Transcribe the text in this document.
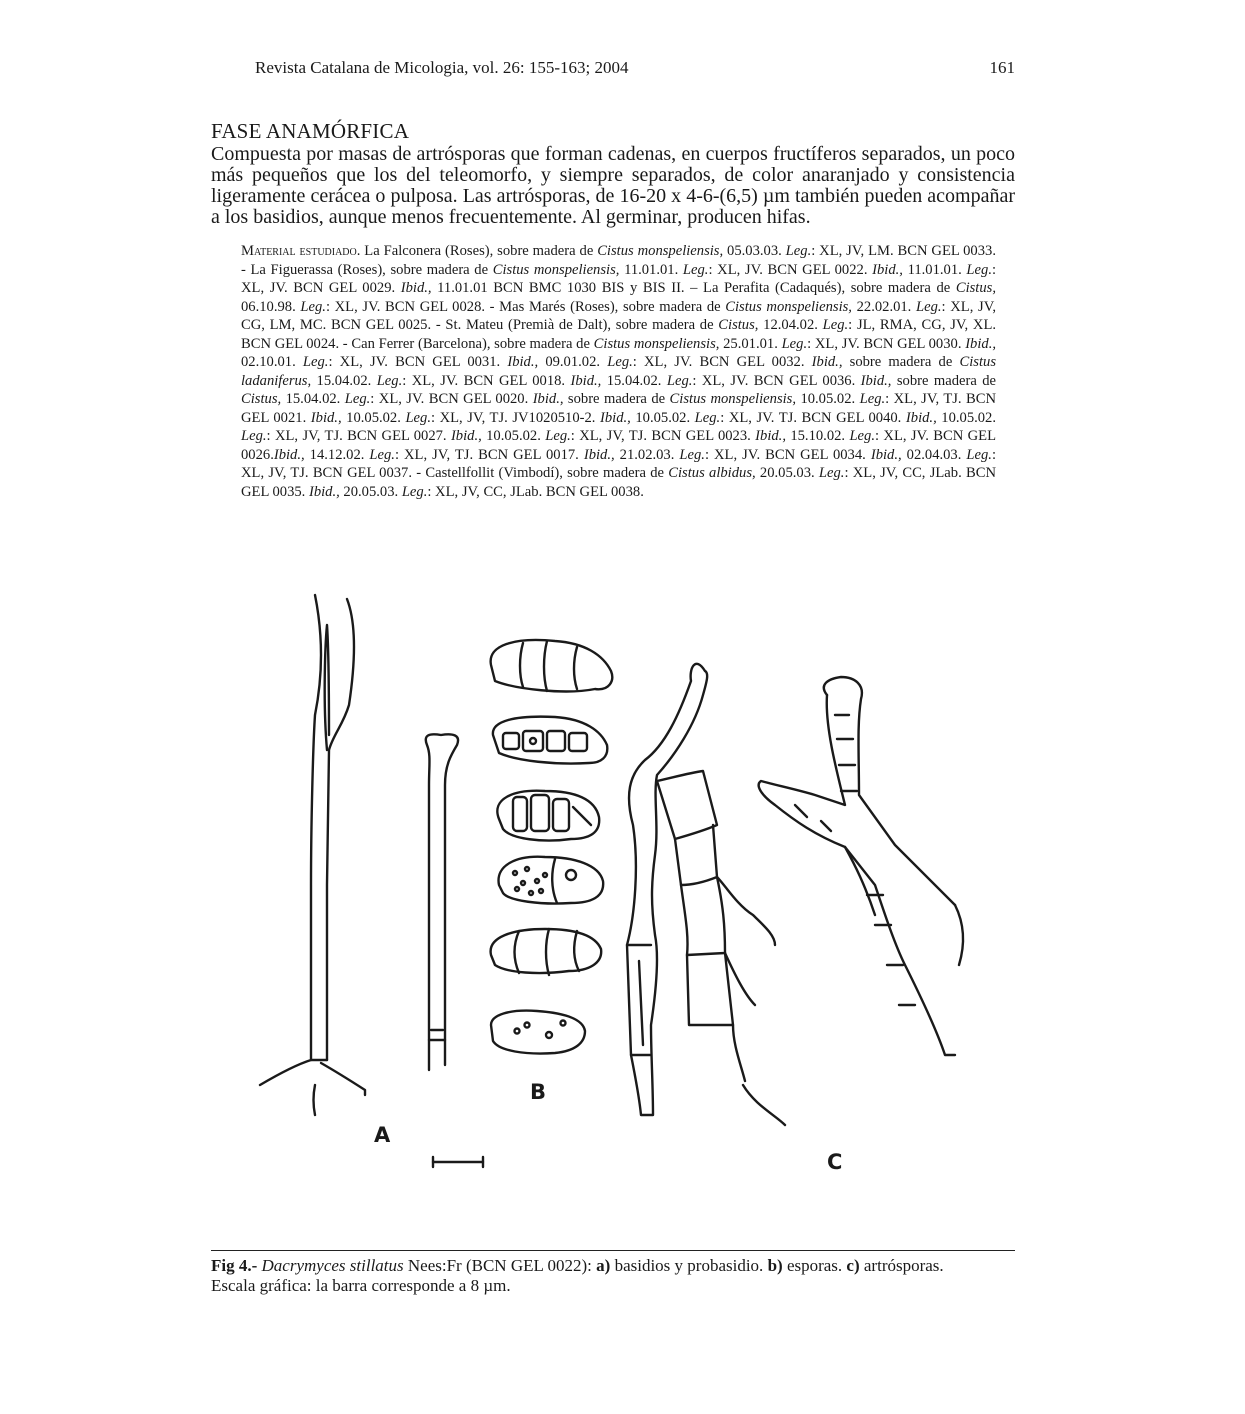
Revista Catalana de Micologia, vol. 26: 155-163; 2004	161
FASE ANAMÓRFICA
Compuesta por masas de artrósporas que forman cadenas, en cuerpos fructíferos separados, un poco más pequeños que los del teleomorfo, y siempre separados, de color anaranjado y consistencia ligeramente cerácea o pulposa. Las artrósporas, de 16-20 x 4-6-(6,5) µm también pueden acompañar a los basidios, aunque menos frecuentemente. Al germinar, producen hifas.
Material estudiado. La Falconera (Roses), sobre madera de Cistus monspeliensis, 05.03.03. Leg.: XL, JV, LM. BCN GEL 0033. - La Figuerassa (Roses), sobre madera de Cistus monspeliensis, 11.01.01. Leg.: XL, JV. BCN GEL 0022. Ibid., 11.01.01. Leg.: XL, JV. BCN GEL 0029. Ibid., 11.01.01 BCN BMC 1030 BIS y BIS II. – La Perafita (Cadaqués), sobre madera de Cistus, 06.10.98. Leg.: XL, JV. BCN GEL 0028. - Mas Marés (Roses), sobre madera de Cistus monspeliensis, 22.02.01. Leg.: XL, JV, CG, LM, MC. BCN GEL 0025. - St. Mateu (Premià de Dalt), sobre madera de Cistus, 12.04.02. Leg.: JL, RMA, CG, JV, XL. BCN GEL 0024. - Can Ferrer (Barcelona), sobre madera de Cistus monspeliensis, 25.01.01. Leg.: XL, JV. BCN GEL 0030. Ibid., 02.10.01. Leg.: XL, JV. BCN GEL 0031. Ibid., 09.01.02. Leg.: XL, JV. BCN GEL 0032. Ibid., sobre madera de Cistus ladaniferus, 15.04.02. Leg.: XL, JV. BCN GEL 0018. Ibid., 15.04.02. Leg.: XL, JV. BCN GEL 0036. Ibid., sobre madera de Cistus, 15.04.02. Leg.: XL, JV. BCN GEL 0020. Ibid., sobre madera de Cistus monspeliensis, 10.05.02. Leg.: XL, JV, TJ. BCN GEL 0021. Ibid., 10.05.02. Leg.: XL, JV, TJ. JV1020510-2. Ibid., 10.05.02. Leg.: XL, JV. TJ. BCN GEL 0040. Ibid., 10.05.02. Leg.: XL, JV, TJ. BCN GEL 0027. Ibid., 10.05.02. Leg.: XL, JV, TJ. BCN GEL 0023. Ibid., 15.10.02. Leg.: XL, JV. BCN GEL 0026.Ibid., 14.12.02. Leg.: XL, JV, TJ. BCN GEL 0017. Ibid., 21.02.03. Leg.: XL, JV. BCN GEL 0034. Ibid., 02.04.03. Leg.: XL, JV, TJ. BCN GEL 0037. - Castellfollit (Vimbodí), sobre madera de Cistus albidus, 20.05.03. Leg.: XL, JV, CC, JLab. BCN GEL 0035. Ibid., 20.05.03. Leg.: XL, JV, CC, JLab. BCN GEL 0038.
A
B
C
Fig 4.- Dacrymyces stillatus Nees:Fr (BCN GEL 0022): a) basidios y probasidio. b) esporas. c) artrósporas.
Escala gráfica: la barra corresponde a 8 µm.
